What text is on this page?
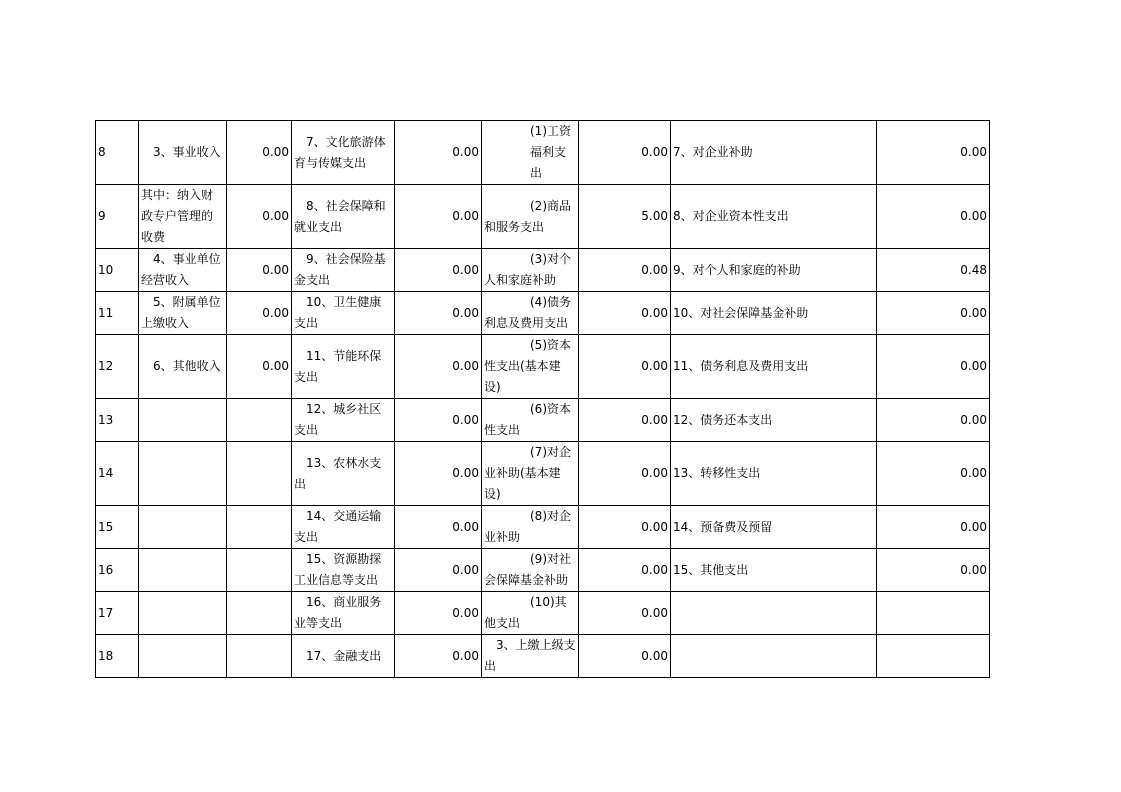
8	3、事业收入	0.00	7、文化旅游体育与传媒支出	0.00	(1)工资福利支出	0.00	7、对企业补助	0.00
9	其中：纳入财政专户管理的收费	0.00	8、社会保障和就业支出	0.00	(2)商品和服务支出	5.00	8、对企业资本性支出	0.00
10	4、事业单位经营收入	0.00	9、社会保险基金支出	0.00	(3)对个人和家庭补助	0.00	9、对个人和家庭的补助	0.48
11	5、附属单位上缴收入	0.00	10、卫生健康支出	0.00	(4)债务利息及费用支出	0.00	10、对社会保障基金补助	0.00
12	6、其他收入	0.00	11、节能环保支出	0.00	(5)资本性支出(基本建设)	0.00	11、债务利息及费用支出	0.00
13			12、城乡社区支出	0.00	(6)资本性支出	0.00	12、债务还本支出	0.00
14			13、农林水支出	0.00	(7)对企业补助(基本建设)	0.00	13、转移性支出	0.00
15			14、交通运输支出	0.00	(8)对企业补助	0.00	14、预备费及预留	0.00
16			15、资源勘探工业信息等支出	0.00	(9)对社会保障基金补助	0.00	15、其他支出	0.00
17			16、商业服务业等支出	0.00	(10)其他支出	0.00		
18			17、金融支出	0.00	3、上缴上级支出	0.00		
